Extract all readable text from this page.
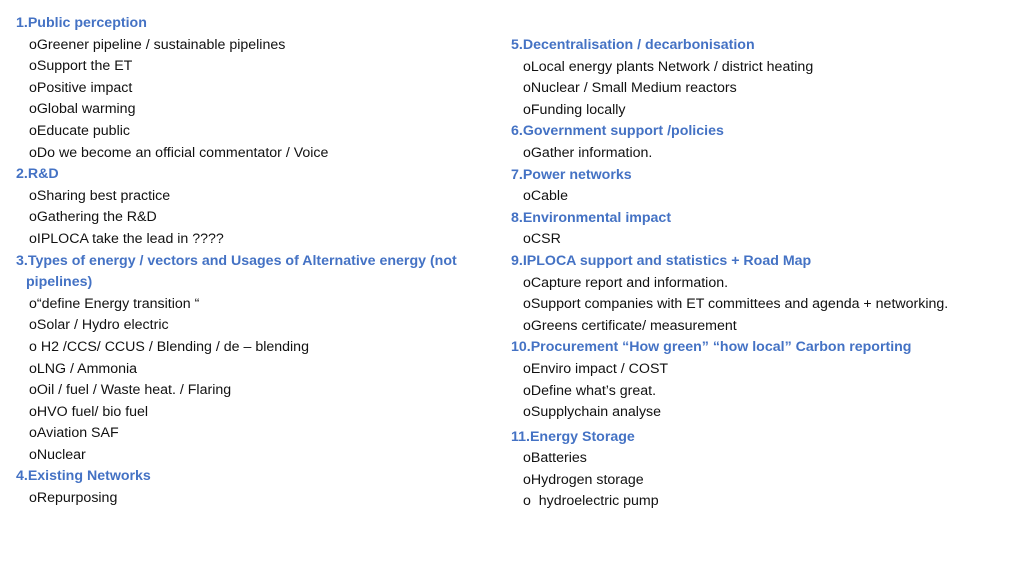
1.Public perception
oGreener pipeline / sustainable pipelines
oSupport the ET
oPositive impact
oGlobal warming
oEducate public
oDo we become an official commentator / Voice
2.R&D
oSharing best practice
oGathering the R&D
oIPLOCA take the lead in ????
3.Types of energy / vectors and Usages of Alternative energy (not
pipelines)
o“define Energy transition “
oSolar / Hydro electric
o H2 /CCS/ CCUS / Blending / de – blending
oLNG / Ammonia
oOil / fuel / Waste heat. / Flaring
oHVO fuel/ bio fuel
oAviation SAF
oNuclear
4.Existing Networks
oRepurposing
5.Decentralisation / decarbonisation
oLocal energy plants Network / district heating
oNuclear / Small Medium reactors
oFunding locally
6.Government support /policies
oGather information.
7.Power networks
oCable
8.Environmental impact
oCSR
9.IPLOCA support and statistics + Road Map
oCapture report and information.
oSupport companies with ET committees and agenda + networking.
oGreens certificate/ measurement
10.Procurement “How green” “how local” Carbon reporting
oEnviro impact / COST
oDefine what’s great.
oSupplychain analyse
11.Energy Storage
oBatteries
oHydrogen storage
o  hydroelectric pump
